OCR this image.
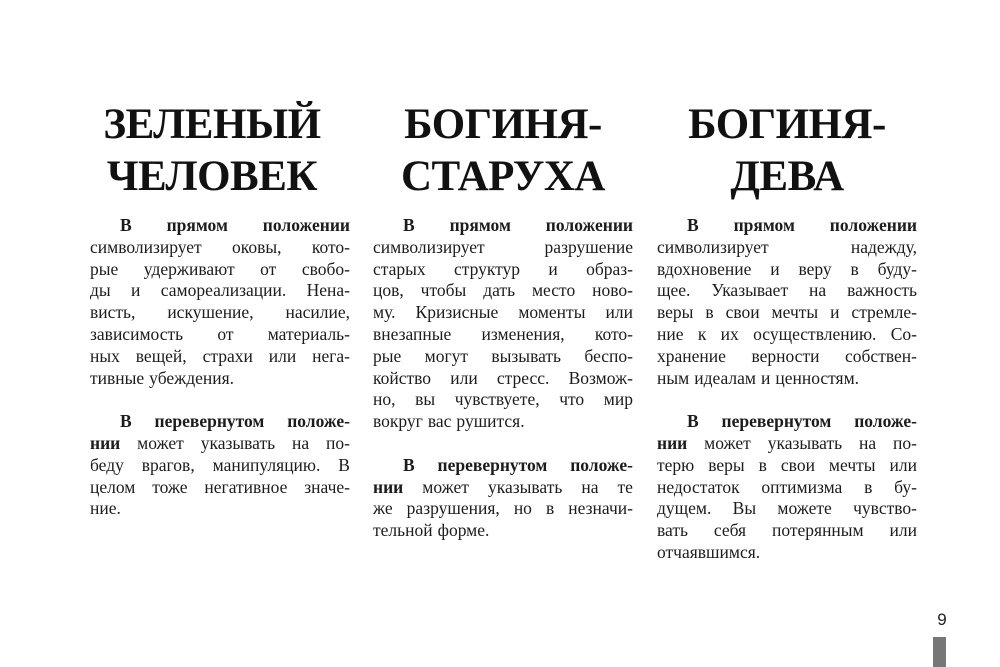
ЗЕЛЕНЫЙ
ЧЕЛОВЕК
В прямом положении
символизирует оковы, кото-
рые удерживают от свобо-
ды и самореализации. Нена-
висть, искушение, насилие,
зависимость от материаль-
ных вещей, страхи или нега-
тивные убеждения.
В перевернутом положе-
нии может указывать на по-
беду врагов, манипуляцию. В
целом тоже негативное значе-
ние.
БОГИНЯ-
СТАРУХА
В прямом положении
символизирует	разрушение
старых структур и образ-
цов, чтобы дать место ново-
му. Кризисные моменты или
внезапные изменения, кото-
рые могут вызывать беспо-
койство или стресс. Возмож-
но, вы чувствуете, что мир
вокруг вас рушится.
В перевернутом положе-
нии может указывать на те
же разрушения, но в незначи-
тельной форме.
БОГИНЯ-
ДЕВА
В прямом положении
символизирует	надежду,
вдохновение и веру в буду-
щее. Указывает на важность
веры в свои мечты и стремле-
ние к их осуществлению. Со-
хранение верности собствен-
ным идеалам и ценностям.
В перевернутом положе-
нии может указывать на по-
терю веры в свои мечты или
недостаток оптимизма в бу-
дущем. Вы можете чувство-
вать себя потерянным или
отчаявшимся.
9
